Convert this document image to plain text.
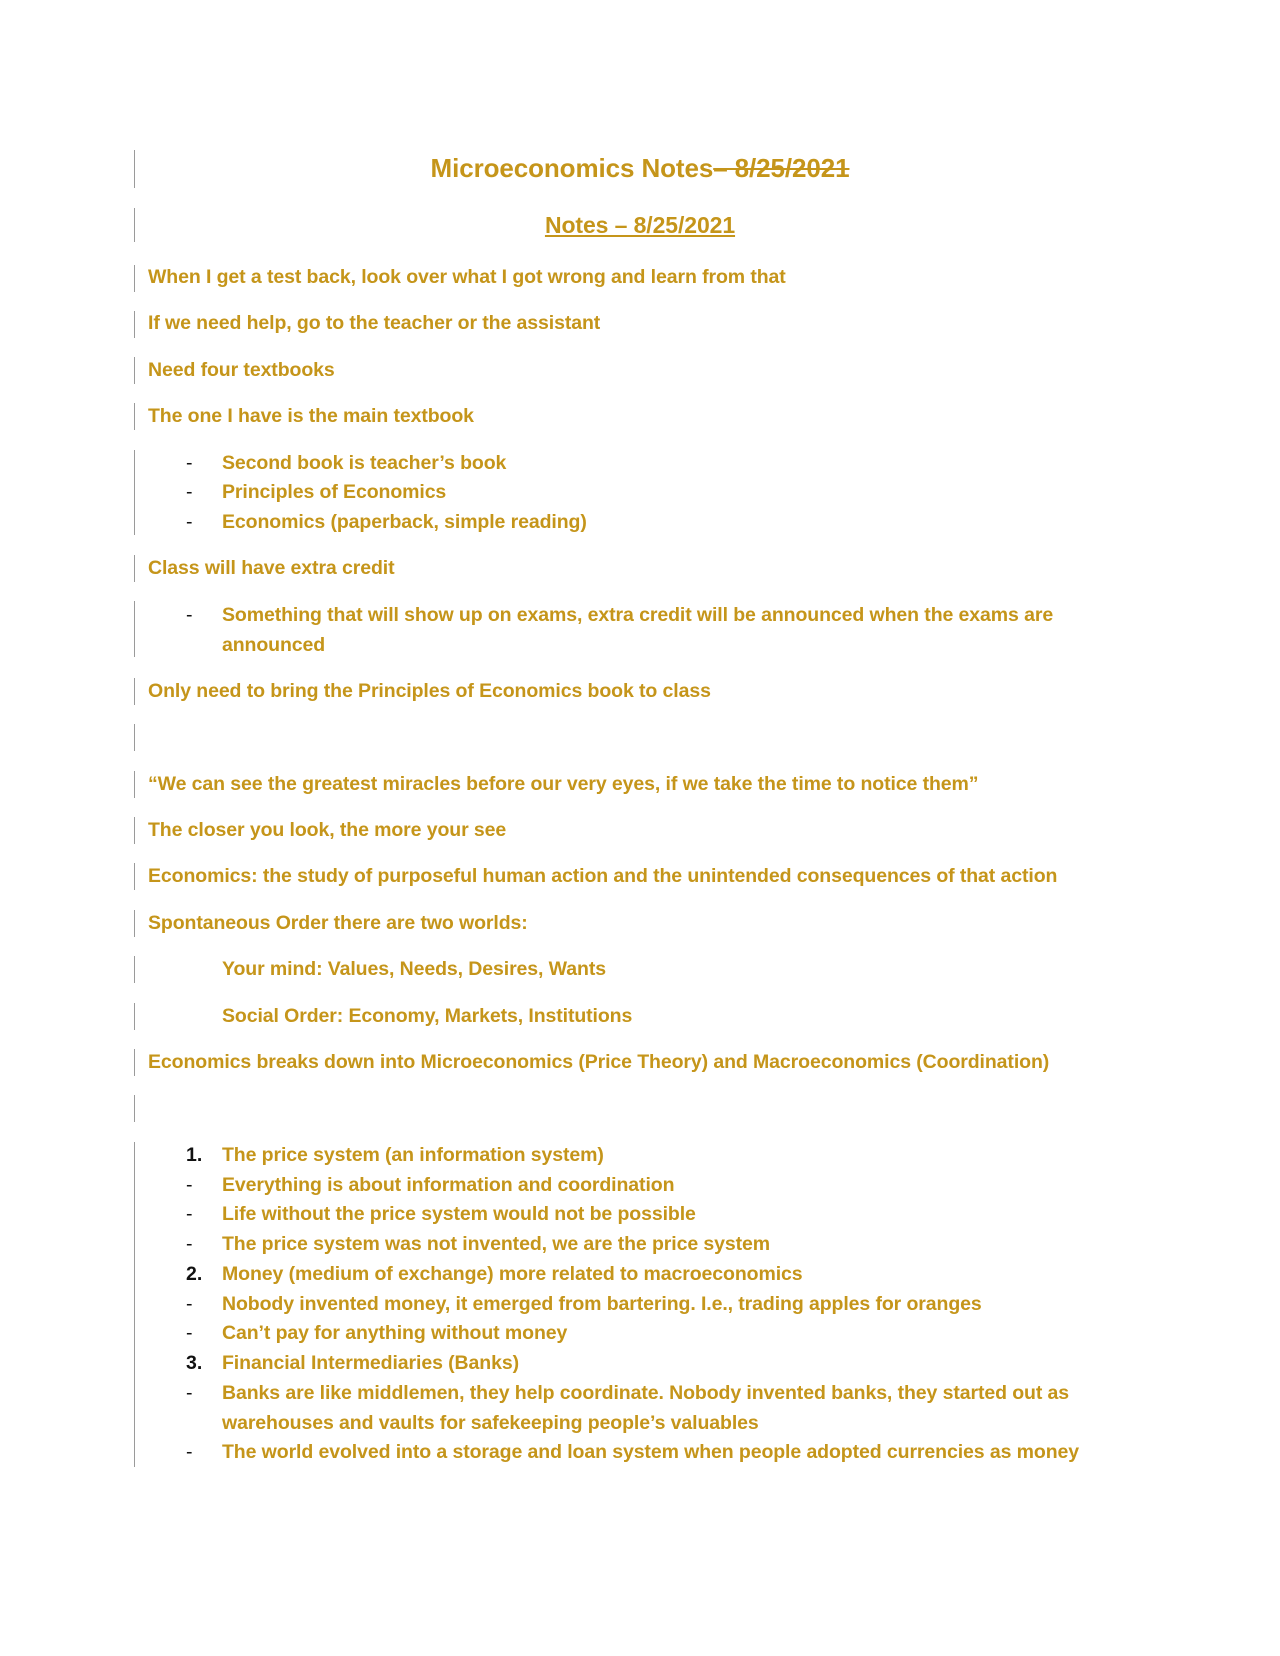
Microeconomics Notes– 8/25/2021
Notes – 8/25/2021
When I get a test back, look over what I got wrong and learn from that
If we need help, go to the teacher or the assistant
Need four textbooks
The one I have is the main textbook
- Second book is teacher’s book
- Principles of Economics
- Economics (paperback, simple reading)
Class will have extra credit
- Something that will show up on exams, extra credit will be announced when the exams are
announced
Only need to bring the Principles of Economics book to class
“We can see the greatest miracles before our very eyes, if we take the time to notice them”
The closer you look, the more your see
Economics: the study of purposeful human action and the unintended consequences of that action
Spontaneous Order there are two worlds:
Your mind: Values, Needs, Desires, Wants
Social Order: Economy, Markets, Institutions
Economics breaks down into Microeconomics (Price Theory) and Macroeconomics (Coordination)
1. The price system (an information system)
- Everything is about information and coordination
- Life without the price system would not be possible
- The price system was not invented, we are the price system
2. Money (medium of exchange) more related to macroeconomics
- Nobody invented money, it emerged from bartering. I.e., trading apples for oranges
- Can’t pay for anything without money
3. Financial Intermediaries (Banks)
- Banks are like middlemen, they help coordinate. Nobody invented banks, they started out as
warehouses and vaults for safekeeping people’s valuables
- The world evolved into a storage and loan system when people adopted currencies as money
